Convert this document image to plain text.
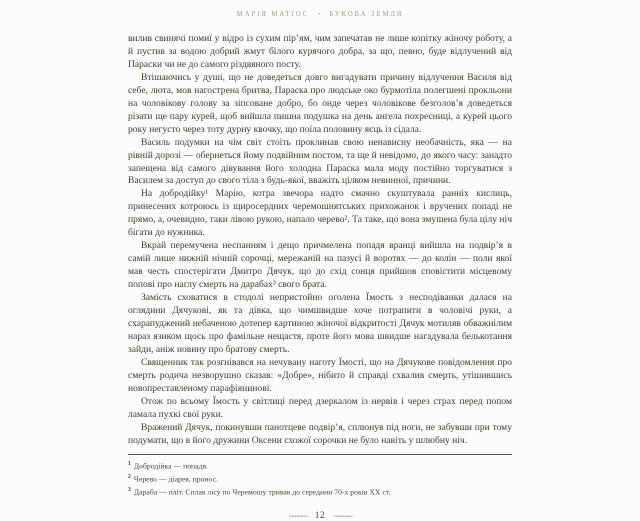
МАРІЯ МАТІОС • БУКОВА ЗЕМЛЯ

вилив свинячі помиї у відро із сухим пір’ям, чим запечатав не лише копітку жіночу роботу, а й пустив за водою добрий жмут білого курячого добра, за що, певно, буде відлучений від Параски чи не до самого різдвяного посту.

Втішаючись у душі, що не доведеться довго вигадувати причину відлучення Василя від себе, люта, мов нагострена бритва, Параска про людське око бурмотіла полегшені прокльони на чоловікову голову за зіпсоване добро, бо онде через чоловікове безголов’я доведеться різати ще пару курей, щоб вийшла пишна подушка на день ангела похресниці, а курей цього року негусто через тоту дурну квочку, що поїла половину яєць із сідала.

Василь подумки на чім світ стоїть проклинав свою ненависну необачність, яка — на рівній дорозі — обернеться йому подвійним постом, та ще й невідомо, до якого часу: занадто запещена від самого дівування його холодна Параска мала моду постійно торгуватися з Василем за доступ до свого тіла з будь-якої, вважіть цілком невинної, причини.

На добродійку¹ Марію, котра звечора надто смачно скуштувала ранніх кислиць, принесених котроюсь із щиросердних черемошнятських прихожанок і вручених попаді не прямо, а, очевидно, таки лівою рукою, напало черево². Та таке, що вона змушена була цілу ніч бігати до нужника.

Вкрай перемучена неспанням і дещо причмелена попадя вранці вийшла на подвір’я в самій лише нижній нічній сорочці, мережаній на пазусі й воротях — до колін — поли якої мав честь спостерігати Дмитро Дячук, що до схід сонця прийшов сповістити місцевому попові про наглу смерть на дарабах³ свого брата.

Замість сховатися в стодолі непристойно оголена Їмость з несподіванки далася на оглядини Дячукові, як та дівка, що чимшвидше хоче потрапити в чоловічі руки, а схарапуджений небаченою дотепер картиною жіночої відкритості Дячук мотиляв обважнілим нараз язиком щось про фамільне нещастя, проте його мова швидше нагадувала белькотання зайди, аніж новину про братову смерть.

Священник так розгнівався на нечувану наготу Їмості, що на Дячукове повідомлення про смерть родича незворушно сказав: «Добре», нібито й справді схвалив смерть, утішившись новопреставленому парафіянинові.

Отож по всьому Їмость у світлиці перед дзеркалом із нервів і через страх перед попом ламала пухкі свої руки.

Вражений Дячук, покинувши панотцеве подвір’я, сплюнув під ноги, не забувши при тому подумати, що в його дружини Оксени схожої сорочки не було навіть у шлюбну ніч.

$^1$ Добродійка — попадя.

$^2$ Черево — діарея, пронос.

$^3$ Дараба — пліт. Сплав лісу по Черемошу тривав до середини 70-х років XX ст.

~~~~~~ 12 ~~~~~~
